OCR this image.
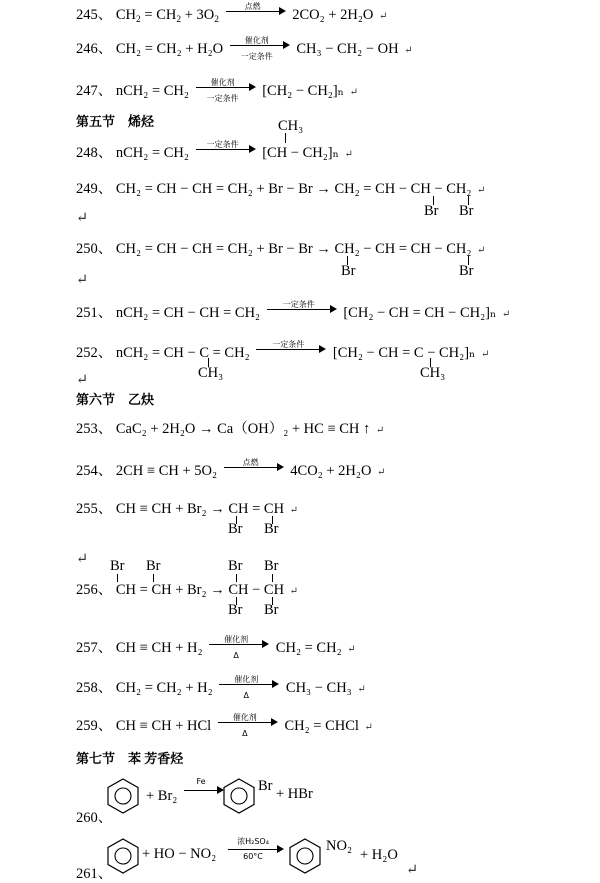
245、 $CH_2 = CH_2 + 3O_2$
点燃
2CO₂ + 2H₂O ↵
246、 CH₂ = CH₂ + H₂O
催化剂
一定条件	CH₃ − CH₂ − OH ↵
247、 nCH₂ = CH₂
催化剂
一定条件	[CH₂ − CH₂]ₙ ↵
第五节　烯烃	CH₃
248、 nCH₂ = CH₂
一定条件
[CH − CH₂]ₙ ↵
249、 CH₂ = CH − CH = CH₂ + Br − Br → CH₂ = CH − CH − CH₂ ↵
Br Br
↵
250、 CH₂ = CH − CH = CH₂ + Br − Br → CH₂ − CH = CH − CH₂ ↵
Br	Br
↵
251、 nCH₂ = CH − CH = CH₂
一定条件
[CH₂ − CH = CH − CH₂]ₙ ↵
252、 nCH₂ = CH − C = CH₂
一定条件
[CH₂ − CH = C − CH₂]ₙ ↵
CH₃	CH₃
↵
第六节　乙炔
253、 CaC₂ + 2H₂O → Ca（OH）₂ + HC ≡ CH ↑ ↵
254、 2CH ≡ CH + 5O₂
点燃
4CO₂ + 2H₂O ↵
255、 CH ≡ CH + Br₂ → CH = CH ↵
Br Br
↵ Br Br	Br Br
256、 CH = CH + Br₂ → CH − CH ↵
Br Br
257、 CH ≡ CH + H₂
催化剂
Δ	CH₂ = CH₂ ↵
258、 CH₂ = CH₂ + H₂
催化剂
Δ	CH₃ − CH₃ ↵
259、 CH ≡ CH + HCl
催化剂
Δ	CH₂ = CHCl ↵
第七节　苯 芳香烃
+ Br₂
Fe	Br + HBr
260、
+ HO − NO₂
浓H₂SO₄
60°C
NO₂
+ H₂O
↵
261、
